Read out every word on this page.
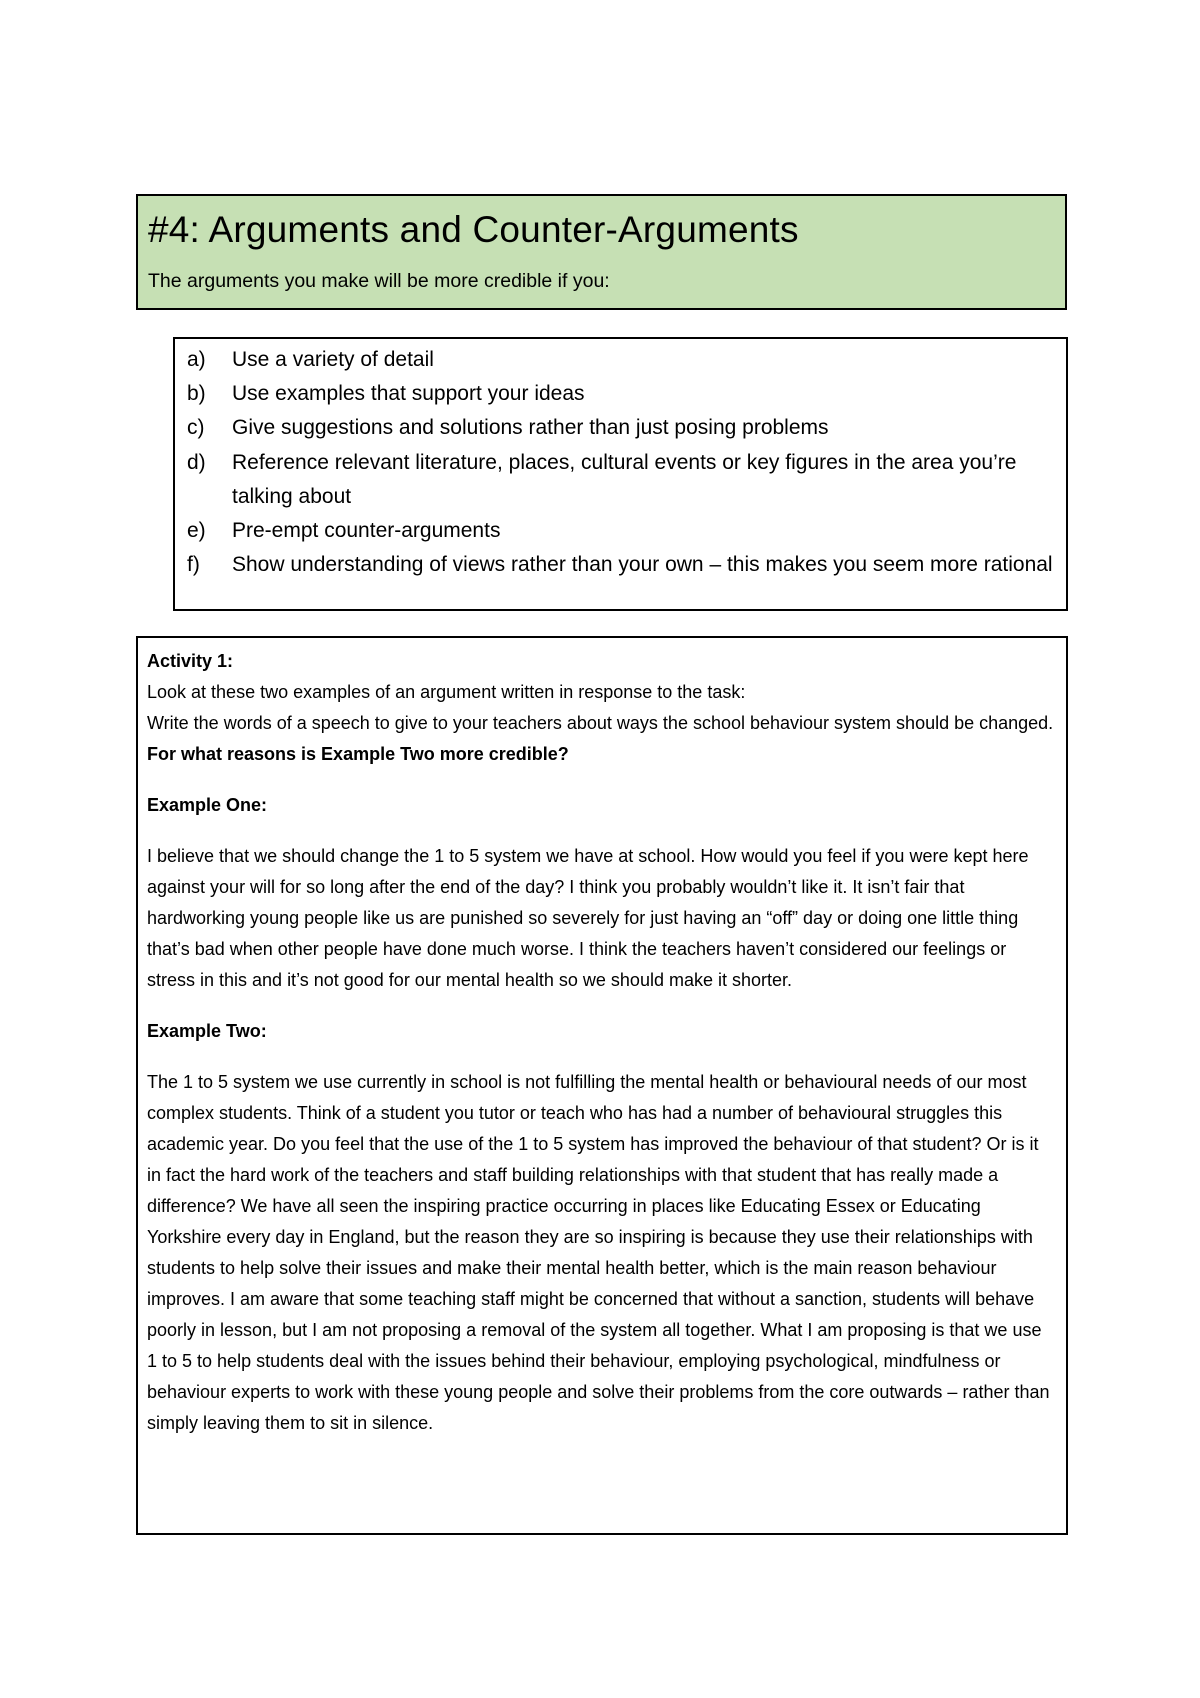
#4: Arguments and Counter-Arguments
The arguments you make will be more credible if you:
a)	Use a variety of detail
b)	Use examples that support your ideas
c)	Give suggestions and solutions rather than just posing problems
d)	Reference relevant literature, places, cultural events or key figures in the area you’re talking about
e)	Pre-empt counter-arguments
f)	Show understanding of views rather than your own – this makes you seem more rational

Activity 1:

Look at these two examples of an argument written in response to the task:

Write the words of a speech to give to your teachers about ways the school behaviour system should be changed.

For what reasons is Example Two more credible?

Example One:

I believe that we should change the 1 to 5 system we have at school. How would you feel if you were kept here against your will for so long after the end of the day? I think you probably wouldn’t like it. It isn’t fair that hardworking young people like us are punished so severely for just having an “off” day or doing one little thing that’s bad when other people have done much worse. I think the teachers haven’t considered our feelings or stress in this and it’s not good for our mental health so we should make it shorter.

Example Two:

The 1 to 5 system we use currently in school is not fulfilling the mental health or behavioural needs of our most complex students. Think of a student you tutor or teach who has had a number of behavioural struggles this academic year. Do you feel that the use of the 1 to 5 system has improved the behaviour of that student? Or is it in fact the hard work of the teachers and staff building relationships with that student that has really made a difference? We have all seen the inspiring practice occurring in places like Educating Essex or Educating Yorkshire every day in England, but the reason they are so inspiring is because they use their relationships with students to help solve their issues and make their mental health better, which is the main reason behaviour improves. I am aware that some teaching staff might be concerned that without a sanction, students will behave poorly in lesson, but I am not proposing a removal of the system all together. What I am proposing is that we use 1 to 5 to help students deal with the issues behind their behaviour, employing psychological, mindfulness or behaviour experts to work with these young people and solve their problems from the core outwards – rather than simply leaving them to sit in silence.
